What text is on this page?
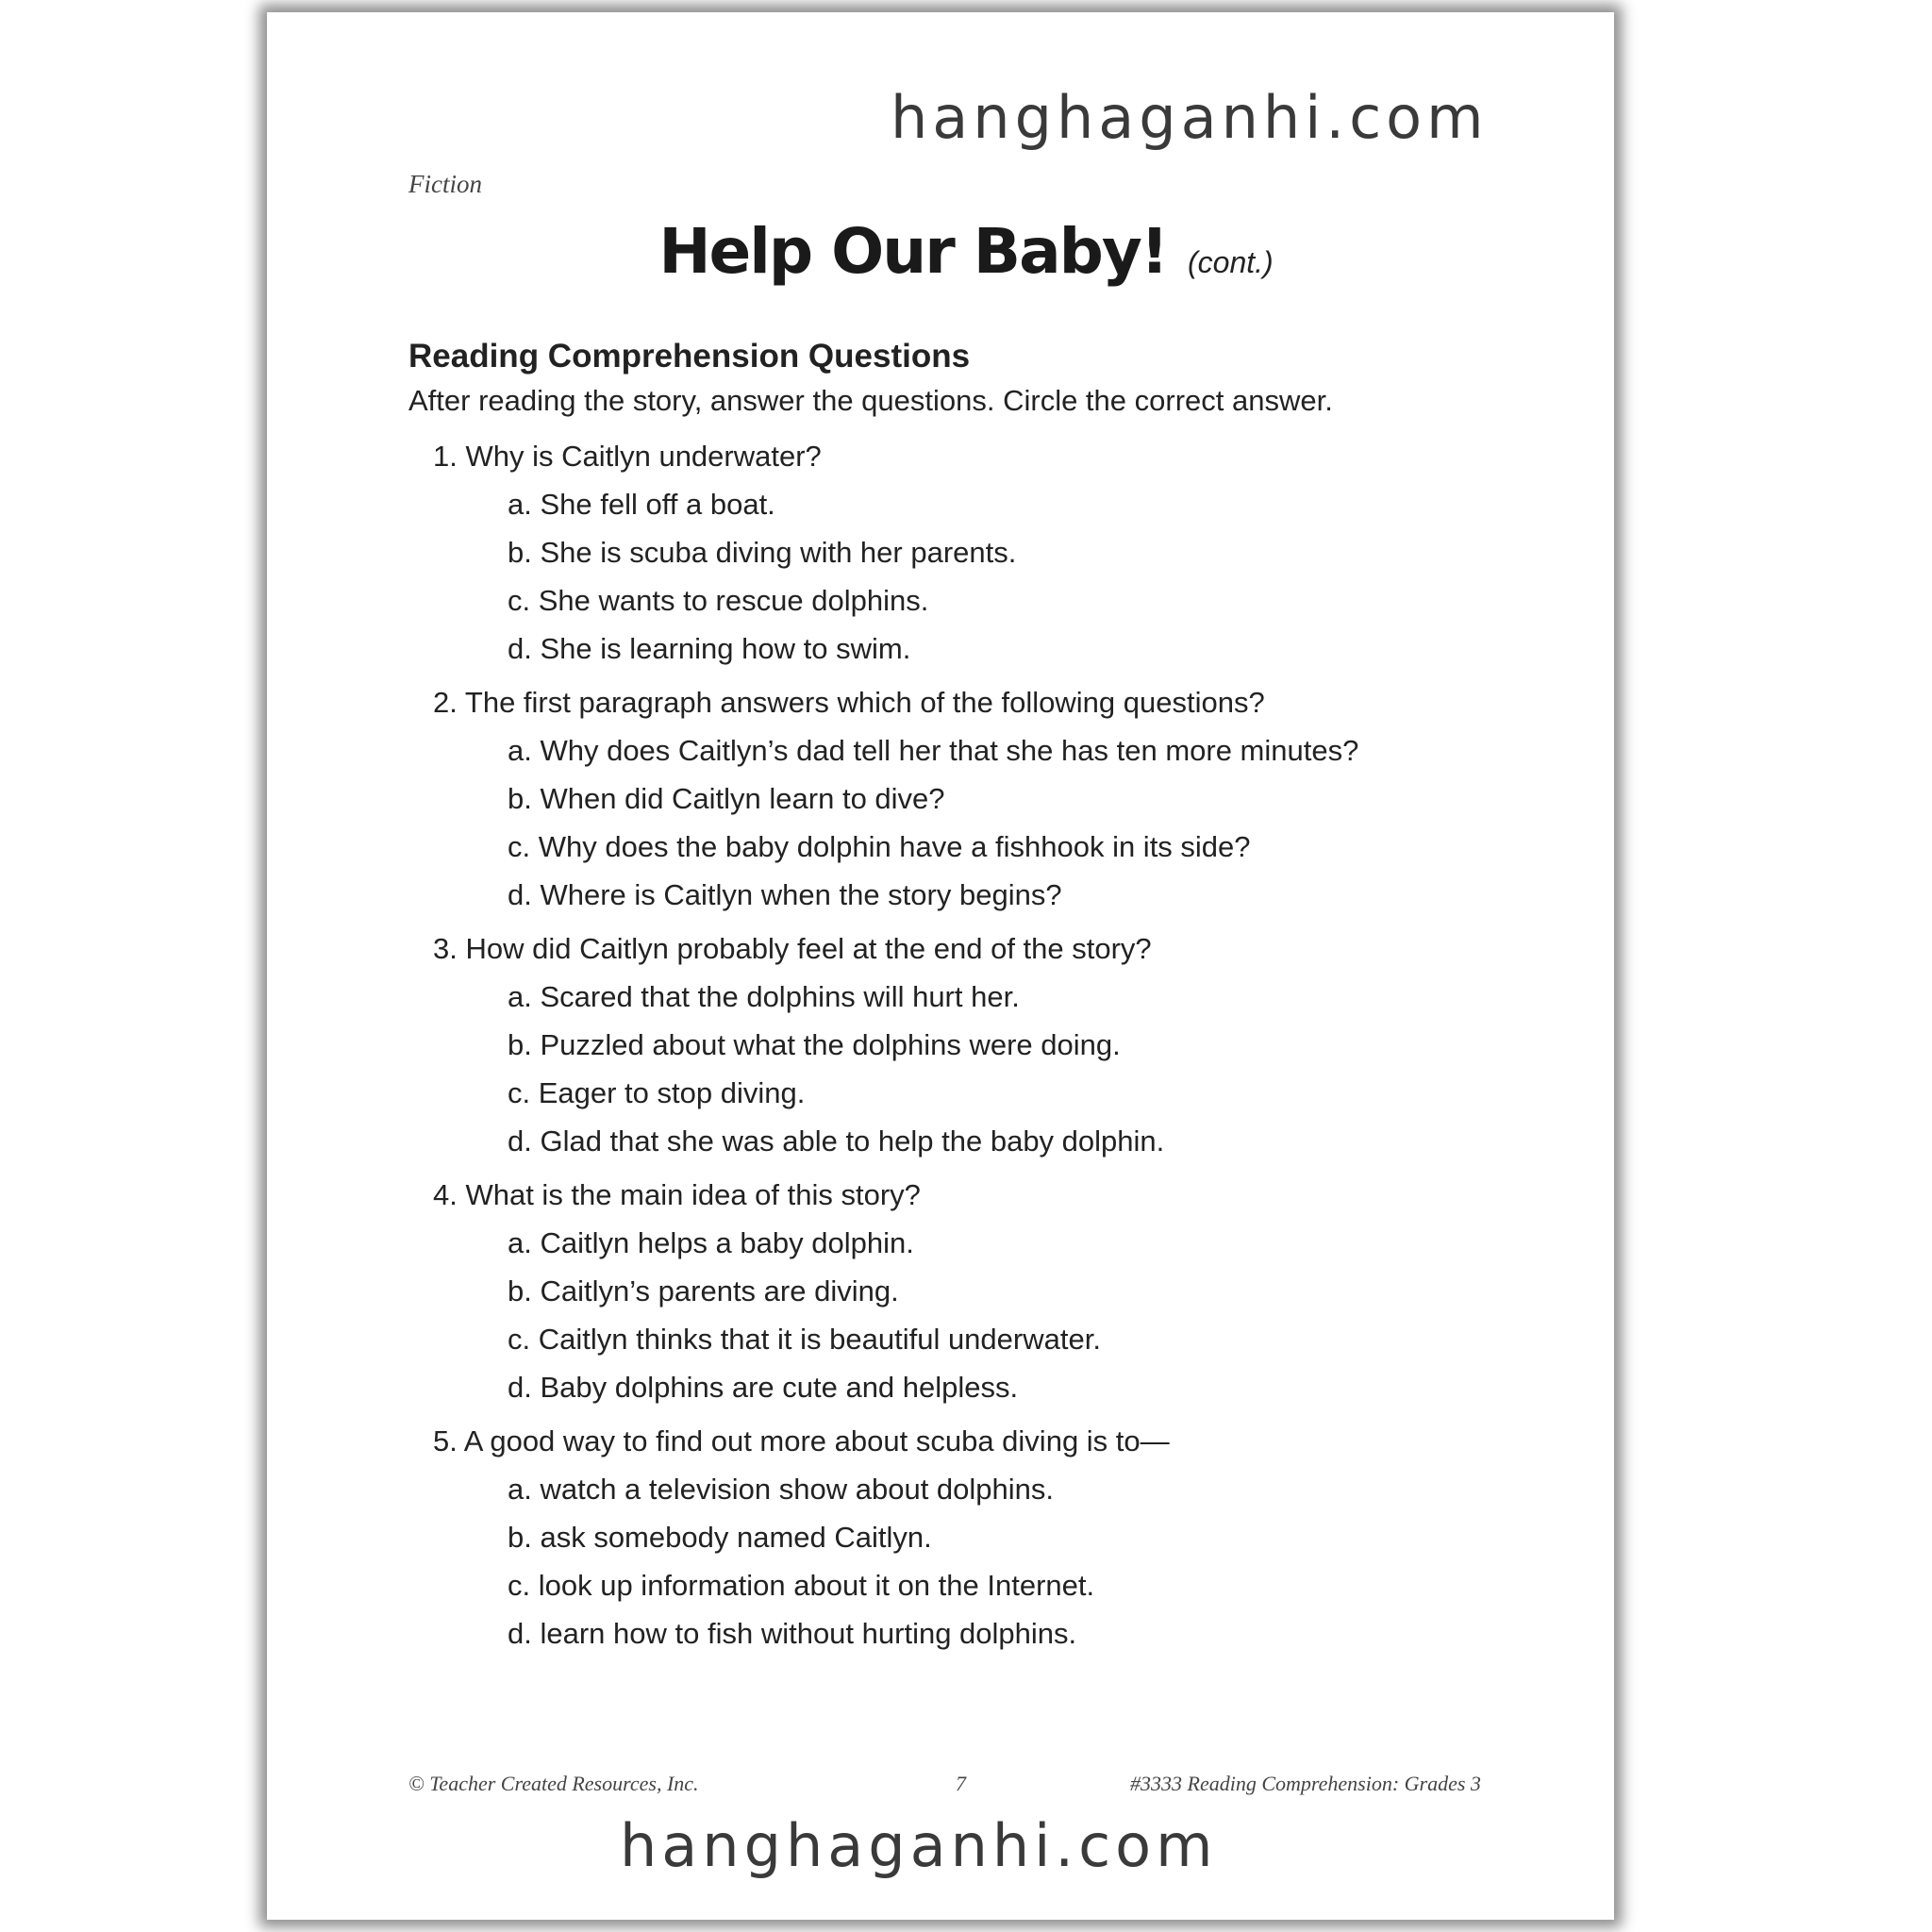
hanghaganhi.com
Fiction
Help Our Baby! (cont.)

Reading Comprehension Questions

After reading the story, answer the questions. Circle the correct answer.

1. Why is Caitlyn underwater?
a. She fell off a boat.
b. She is scuba diving with her parents.
c. She wants to rescue dolphins.
d. She is learning how to swim.
2. The first paragraph answers which of the following questions?
a. Why does Caitlyn’s dad tell her that she has ten more minutes?
b. When did Caitlyn learn to dive?
c. Why does the baby dolphin have a fishhook in its side?
d. Where is Caitlyn when the story begins?
3. How did Caitlyn probably feel at the end of the story?
a. Scared that the dolphins will hurt her.
b. Puzzled about what the dolphins were doing.
c. Eager to stop diving.
d. Glad that she was able to help the baby dolphin.
4. What is the main idea of this story?
a. Caitlyn helps a baby dolphin.
b. Caitlyn’s parents are diving.
c. Caitlyn thinks that it is beautiful underwater.
d. Baby dolphins are cute and helpless.
5. A good way to find out more about scuba diving is to—
a. watch a television show about dolphins.
b. ask somebody named Caitlyn.
c. look up information about it on the Internet.
d. learn how to fish without hurting dolphins.
© Teacher Created Resources, Inc.	7	#3333 Reading Comprehension: Grades 3
hanghaganhi.com
